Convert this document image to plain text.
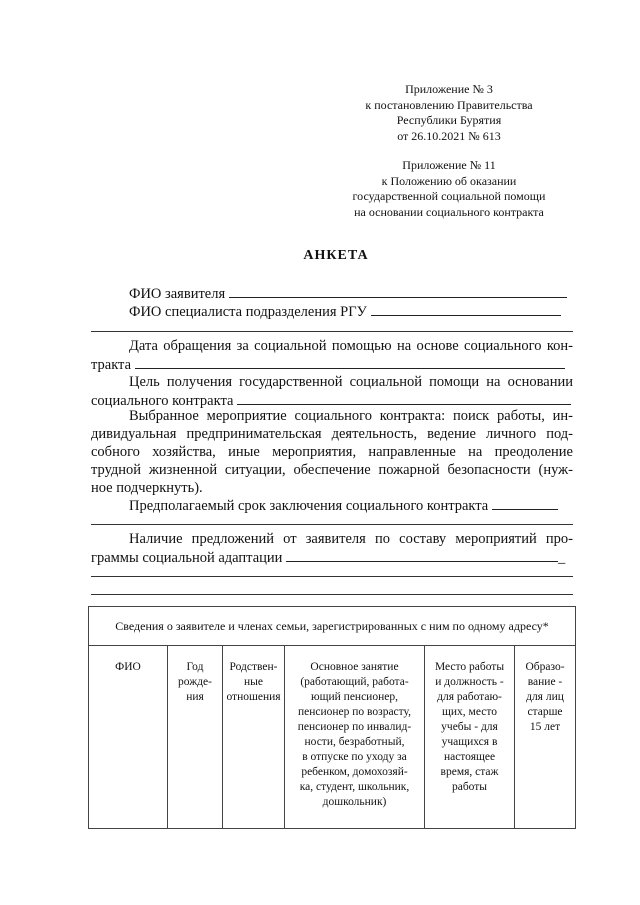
Приложение № 3
к постановлению Правительства
Республики Бурятия
от 26.10.2021 № 613
Приложение № 11
к Положению об оказании
государственной социальной помощи
на основании социального контракта
АНКЕТА
ФИО заявителя
ФИО специалиста подразделения РГУ
Дата обращения за социальной помощью на основе социального кон-
тракта
Цель получения государственной социальной помощи на основании
социального контракта
Выбранное мероприятие социального контракта: поиск работы, ин-
дивидуальная предпринимательская деятельность, ведение личного под-
собного хозяйства, иные мероприятия, направленные на преодоление
трудной жизненной ситуации, обеспечение пожарной безопасности (нуж-
ное подчеркнуть).
Предполагаемый срок заключения социального контракта
Наличие предложений от заявителя по составу мероприятий про-
граммы социальной адаптации	_
Сведения о заявителе и членах семьи, зарегистрированных с ним по одному адресу*
ФИО	Год
рожде-
ния
Родствен-
ные
отношения
Основное занятие
(работающий, работа-
ющий пенсионер,
пенсионер по возрасту,
пенсионер по инвалид-
ности, безработный,
в отпуске по уходу за
ребенком, домохозяй-
ка, студент, школьник,
дошкольник)
Место работы
и должность -
для работаю-
щих, место
учебы - для
учащихся в
настоящее
время, стаж
работы
Образо-
вание -
для лиц
старше
15 лет
